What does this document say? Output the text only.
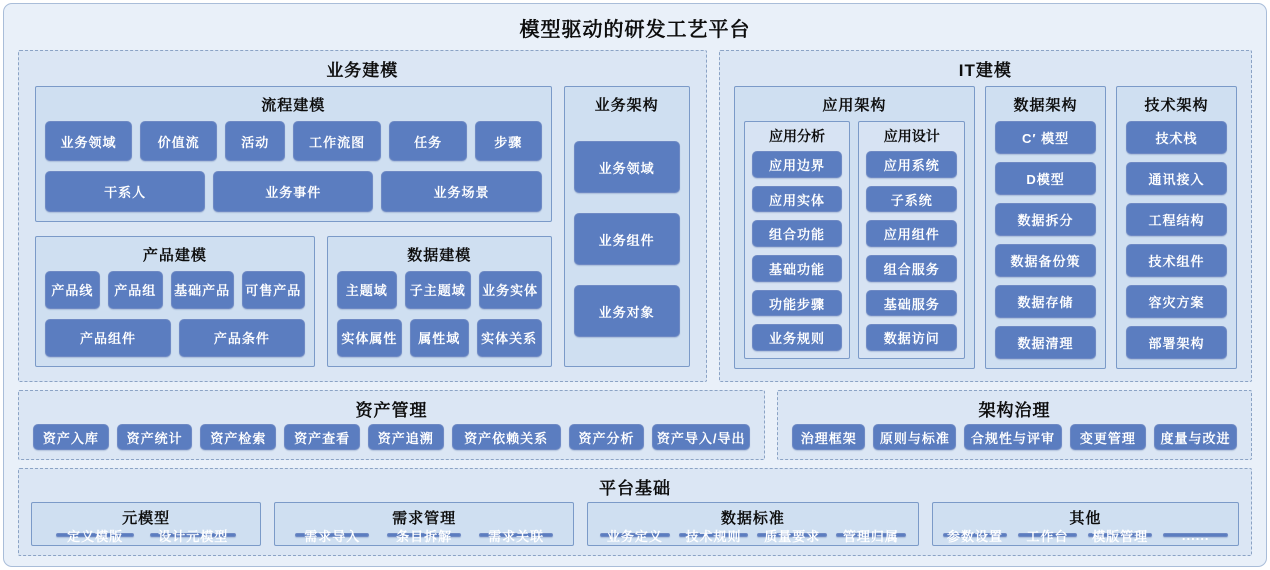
模型驱动的研发工艺平台
业务建模
流程建模
业务领域	价值流	活动	工作流图	任务	步骤
干系人	业务事件	业务场景
产品建模
产品线	产品组	基础产品 可售产品
产品组件	产品条件
数据建模
主题域	子主题域	业务实体
实体属性	属性域	实体关系
业务架构
业务领域
业务组件
业务对象
IT建模
应用架构
应用分析
应用边界
应用实体
组合功能
基础功能
功能步骤
业务规则
应用设计
应用系统
子系统
应用组件
组合服务
基础服务
数据访问
数据架构
C′ 模型
D模型
数据拆分
数据备份策
数据存储
数据清理
技术架构
技术栈
通讯接入
工程结构
技术组件
容灾方案
部署架构
资产管理
资产入库	资产统计	资产检索	资产查看	资产追溯	资产依赖关系	资产分析	资产导入/导出
架构治理
治理框架	原则与标准	合规性与评审	变更管理	度量与改进
平台基础
元模型
定义模版	设计元模型
需求管理
需求导入	条目拆解	需求关联
数据标准
业务定义	技术规则	质量要求	管理归属
其他
参数设置	工作台	模版管理	......
